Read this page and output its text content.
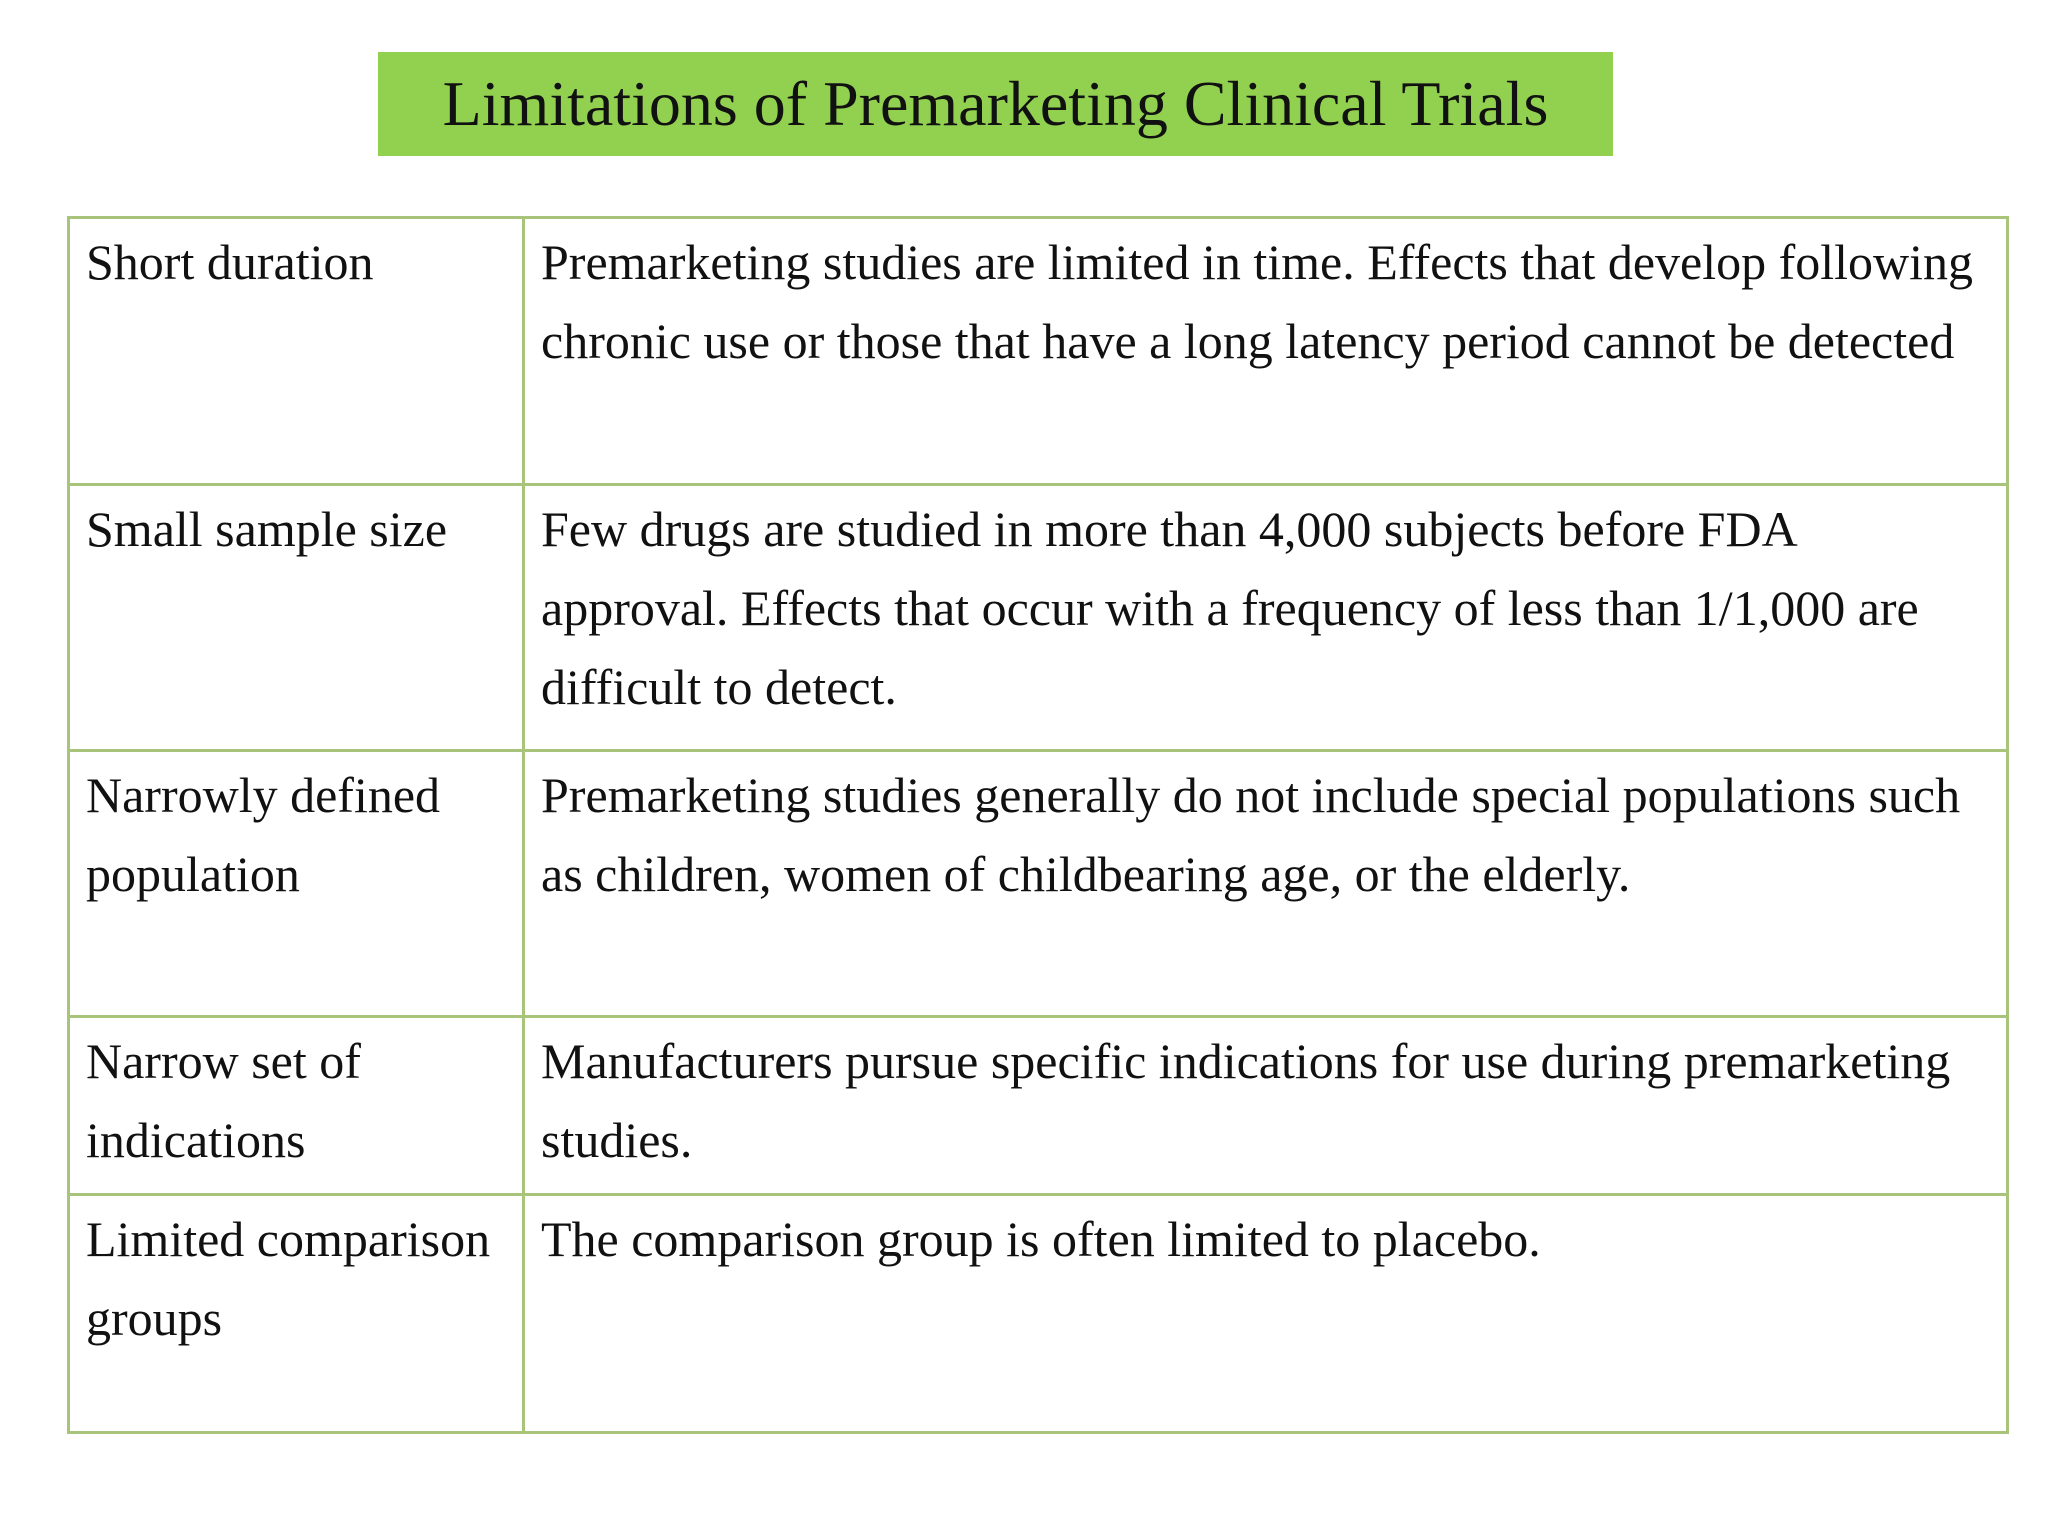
Limitations of Premarketing Clinical Trials
Short duration	Premarketing studies are limited in time. Effects that develop following chronic use or those that have a long latency period cannot be detected
Small sample size	Few drugs are studied in more than 4,000 subjects before FDA approval. Effects that occur with a frequency of less than 1/1,000 are difficult to detect.
Narrowly defined population	Premarketing studies generally do not include special populations such as children, women of childbearing age, or the elderly.
Narrow set of indications	Manufacturers pursue specific indications for use during premarketing studies.
Limited comparison groups	The comparison group is often limited to placebo.
